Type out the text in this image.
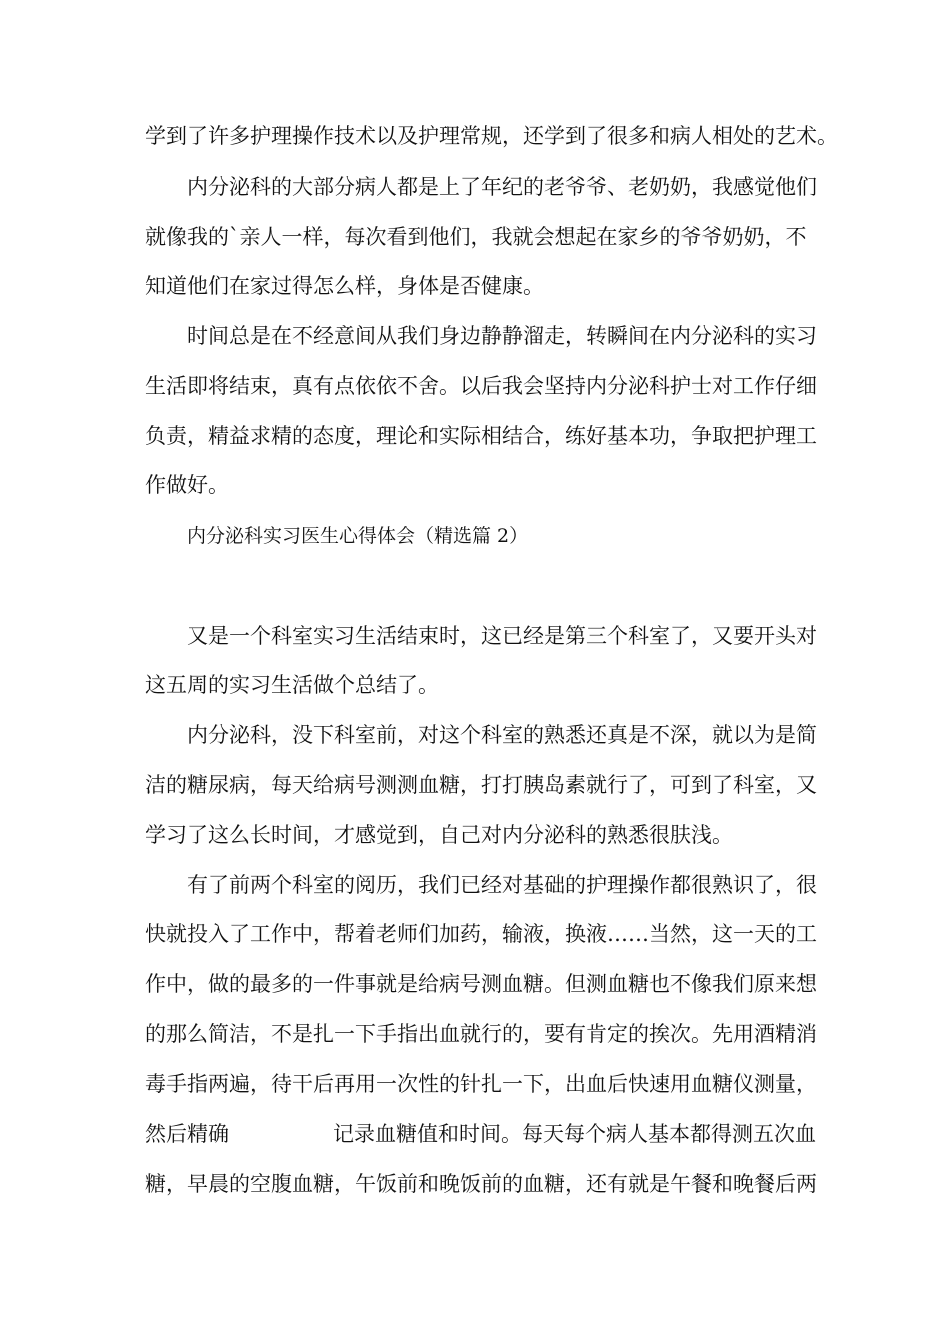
学到了许多护理操作技术以及护理常规，还学到了很多和病人相处的艺术。
内分泌科的大部分病人都是上了年纪的老爷爷、老奶奶，我感觉他们
就像我的`亲人一样，每次看到他们，我就会想起在家乡的爷爷奶奶，不
知道他们在家过得怎么样，身体是否健康。
时间总是在不经意间从我们身边静静溜走，转瞬间在内分泌科的实习
生活即将结束，真有点依依不舍。以后我会坚持内分泌科护士对工作仔细
负责，精益求精的态度，理论和实际相结合，练好基本功，争取把护理工
作做好。
内分泌科实习医生心得体会（精选篇 2）
又是一个科室实习生活结束时，这已经是第三个科室了，又要开头对
这五周的实习生活做个总结了。
内分泌科，没下科室前，对这个科室的熟悉还真是不深，就以为是简
洁的糖尿病，每天给病号测测血糖，打打胰岛素就行了，可到了科室，又
学习了这么长时间，才感觉到，自己对内分泌科的熟悉很肤浅。
有了前两个科室的阅历，我们已经对基础的护理操作都很熟识了，很
快就投入了工作中，帮着老师们加药，输液，换液……当然，这一天的工
作中，做的最多的一件事就是给病号测血糖。但测血糖也不像我们原来想
的那么简洁，不是扎一下手指出血就行的，要有肯定的挨次。先用酒精消
毒手指两遍，待干后再用一次性的针扎一下，出血后快速用血糖仪测量，
然后精确	记录血糖值和时间。每天每个病人基本都得测五次血
糖，早晨的空腹血糖，午饭前和晚饭前的血糖，还有就是午餐和晚餐后两
